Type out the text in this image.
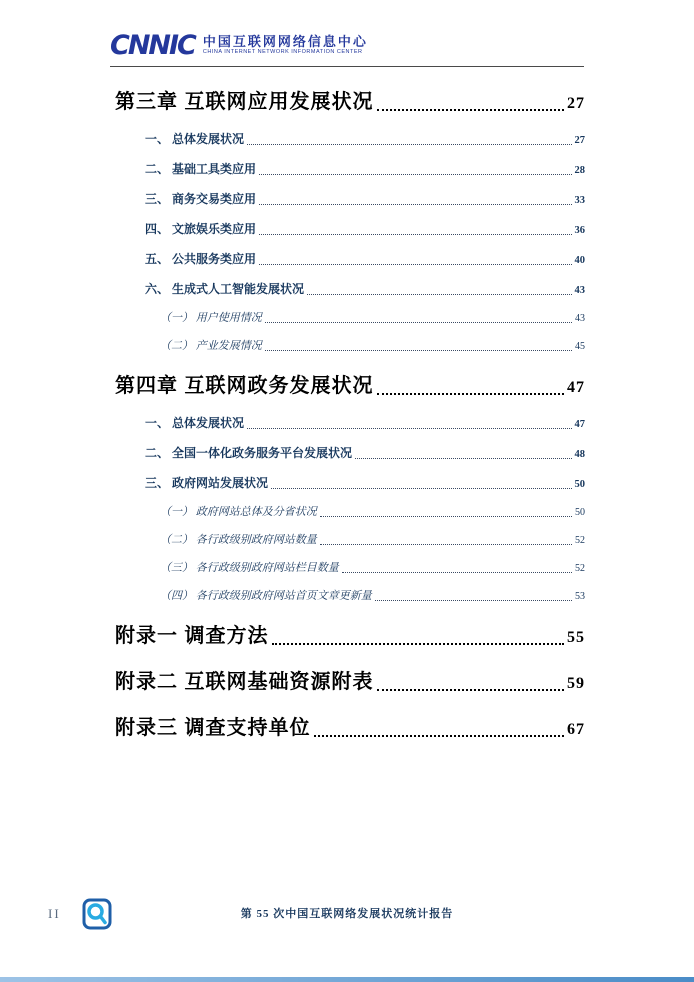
CNNIC 中国互联网网络信息中心
CHINA INTERNET NETWORK INFORMATION CENTER
第三章 互联网应用发展状况	27
一、 总体发展状况	27
二、 基础工具类应用	28
三、 商务交易类应用	33
四、 文旅娱乐类应用	36
五、 公共服务类应用	40
六、 生成式人工智能发展状况	43
（一） 用户使用情况	43
（二） 产业发展情况	45
第四章 互联网政务发展状况	47
一、 总体发展状况	47
二、 全国一体化政务服务平台发展状况	48
三、 政府网站发展状况	50
（一） 政府网站总体及分省状况	50
（二） 各行政级别政府网站数量	52
（三） 各行政级别政府网站栏目数量	52
（四） 各行政级别政府网站首页文章更新量	53
附录一 调查方法	55
附录二 互联网基础资源附表	59
附录三 调查支持单位	67
II	第 55 次中国互联网络发展状况统计报告
